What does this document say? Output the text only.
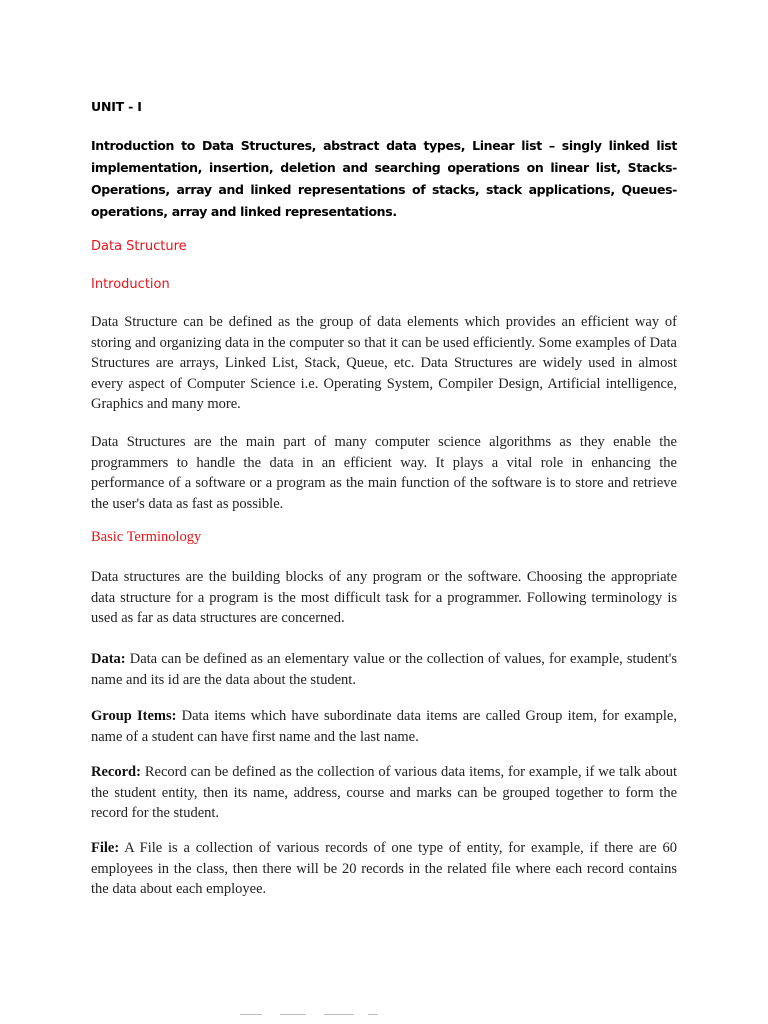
UNIT - I
Introduction to Data Structures, abstract data types, Linear list – singly linked list implementation, insertion, deletion and searching operations on linear list, Stacks-Operations, array and linked representations of stacks, stack applications, Queues-operations, array and linked representations.
Data Structure
Introduction
Data Structure can be defined as the group of data elements which provides an efficient way of storing and organizing data in the computer so that it can be used efficiently. Some examples of Data Structures are arrays, Linked List, Stack, Queue, etc. Data Structures are widely used in almost every aspect of Computer Science i.e. Operating System, Compiler Design, Artificial intelligence, Graphics and many more.
Data Structures are the main part of many computer science algorithms as they enable the programmers to handle the data in an efficient way. It plays a vital role in enhancing the performance of a software or a program as the main function of the software is to store and retrieve the user's data as fast as possible.
Basic Terminology
Data structures are the building blocks of any program or the software. Choosing the appropriate data structure for a program is the most difficult task for a programmer. Following terminology is used as far as data structures are concerned.
Data: Data can be defined as an elementary value or the collection of values, for example, student's name and its id are the data about the student.
Group Items: Data items which have subordinate data items are called Group item, for example, name of a student can have first name and the last name.
Record: Record can be defined as the collection of various data items, for example, if we talk about the student entity, then its name, address, course and marks can be grouped together to form the record for the student.
File: A File is a collection of various records of one type of entity, for example, if there are 60 employees in the class, then there will be 20 records in the related file where each record contains the data about each employee.
